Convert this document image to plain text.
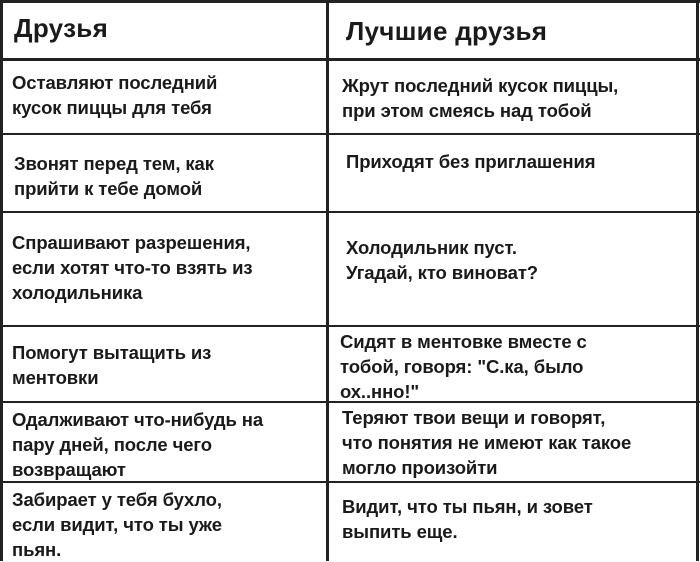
Друзья	Лучшие друзья
Оставляют последний
кусок пиццы для тебя
Жрут последний кусок пиццы,
при этом смеясь над тобой
Звонят перед тем, как
прийти к тебе домой
Приходят без приглашения
Спрашивают разрешения,
если хотят что-то взять из
холодильника
Холодильник пуст.
Угадай, кто виноват?
Помогут вытащить из
ментовки
Сидят в ментовке вместе с
тобой, говоря: "С.ка, было
ох..нно!"
Одалживают что-нибудь на
пару дней, после чего
возвращают
Теряют твои вещи и говорят,
что понятия не имеют как такое
могло произойти
Забирает у тебя бухло,
если видит, что ты уже
пьян.
Видит, что ты пьян, и зовет
выпить еще.
